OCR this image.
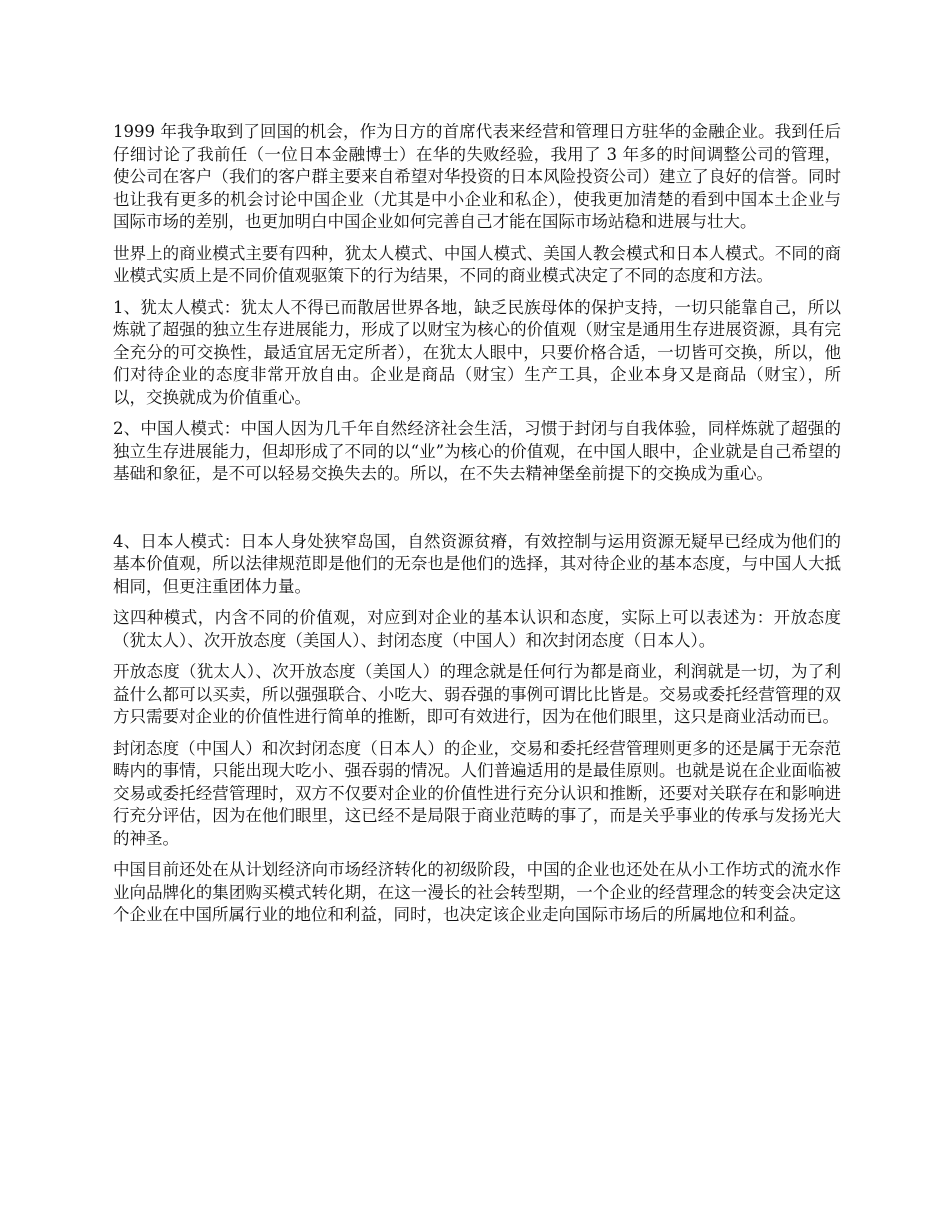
1999 年我争取到了回国的机会，作为日方的首席代表来经营和管理日方驻华的金融企业。我到任后仔细讨论了我前任（一位日本金融博士）在华的失败经验，我用了 3 年多的时间调整公司的管理，使公司在客户（我们的客户群主要来自希望对华投资的日本风险投资公司）建立了良好的信誉。同时也让我有更多的机会讨论中国企业（尤其是中小企业和私企），使我更加清楚的看到中国本土企业与国际市场的差别，也更加明白中国企业如何完善自己才能在国际市场站稳和进展与壮大。

世界上的商业模式主要有四种，犹太人模式、中国人模式、美国人教会模式和日本人模式。不同的商业模式实质上是不同价值观驱策下的行为结果，不同的商业模式决定了不同的态度和方法。

1、犹太人模式：犹太人不得已而散居世界各地，缺乏民族母体的保护支持，一切只能靠自己，所以炼就了超强的独立生存进展能力，形成了以财宝为核心的价值观（财宝是通用生存进展资源，具有完全充分的可交换性，最适宜居无定所者），在犹太人眼中，只要价格合适，一切皆可交换，所以，他们对待企业的态度非常开放自由。企业是商品（财宝）生产工具，企业本身又是商品（财宝），所以，交换就成为价值重心。

2、中国人模式：中国人因为几千年自然经济社会生活，习惯于封闭与自我体验，同样炼就了超强的独立生存进展能力，但却形成了不同的以“业”为核心的价值观，在中国人眼中，企业就是自己希望的基础和象征，是不可以轻易交换失去的。所以，在不失去精神堡垒前提下的交换成为重心。

4、日本人模式：日本人身处狭窄岛国，自然资源贫瘠，有效控制与运用资源无疑早已经成为他们的基本价值观，所以法律规范即是他们的无奈也是他们的选择，其对待企业的基本态度，与中国人大抵相同，但更注重团体力量。

这四种模式，内含不同的价值观，对应到对企业的基本认识和态度，实际上可以表述为：开放态度（犹太人）、次开放态度（美国人）、封闭态度（中国人）和次封闭态度（日本人）。

开放态度（犹太人）、次开放态度（美国人）的理念就是任何行为都是商业，利润就是一切，为了利益什么都可以买卖，所以强强联合、小吃大、弱吞强的事例可谓比比皆是。交易或委托经营管理的双方只需要对企业的价值性进行简单的推断，即可有效进行，因为在他们眼里，这只是商业活动而已。

封闭态度（中国人）和次封闭态度（日本人）的企业，交易和委托经营管理则更多的还是属于无奈范畴内的事情，只能出现大吃小、强吞弱的情况。人们普遍适用的是最佳原则。也就是说在企业面临被交易或委托经营管理时，双方不仅要对企业的价值性进行充分认识和推断，还要对关联存在和影响进行充分评估，因为在他们眼里，这已经不是局限于商业范畴的事了，而是关乎事业的传承与发扬光大的神圣。

中国目前还处在从计划经济向市场经济转化的初级阶段，中国的企业也还处在从小工作坊式的流水作业向品牌化的集团购买模式转化期，在这一漫长的社会转型期，一个企业的经营理念的转变会决定这个企业在中国所属行业的地位和利益，同时，也决定该企业走向国际市场后的所属地位和利益。
